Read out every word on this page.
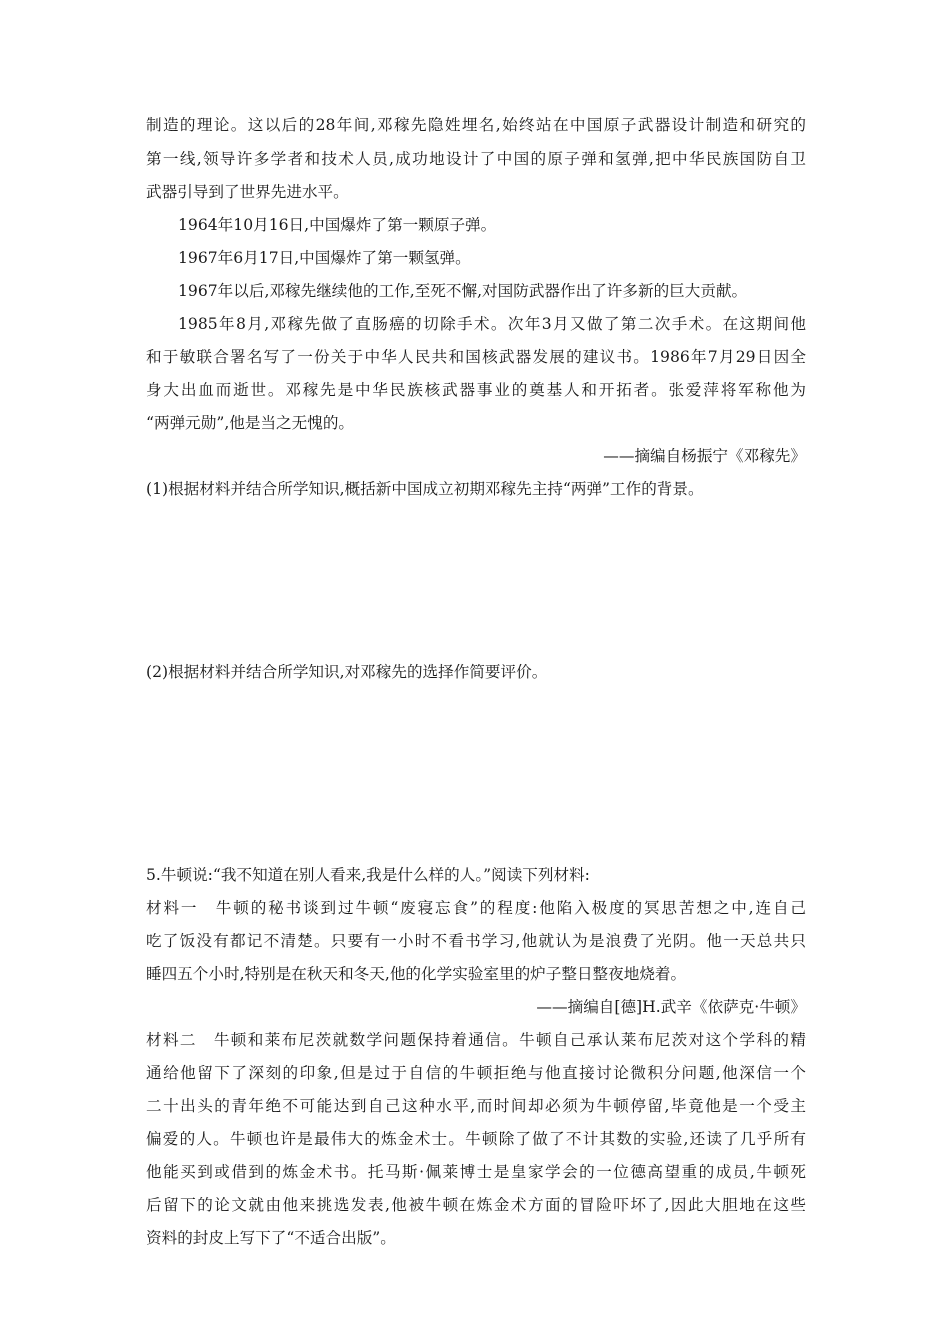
制造的理论。这以后的28年间,邓稼先隐姓埋名,始终站在中国原子武器设计制造和研究的
第一线,领导许多学者和技术人员,成功地设计了中国的原子弹和氢弹,把中华民族国防自卫
武器引导到了世界先进水平。
1964年10月16日,中国爆炸了第一颗原子弹。
1967年6月17日,中国爆炸了第一颗氢弹。
1967年以后,邓稼先继续他的工作,至死不懈,对国防武器作出了许多新的巨大贡献。
1985年8月,邓稼先做了直肠癌的切除手术。次年3月又做了第二次手术。在这期间他
和于敏联合署名写了一份关于中华人民共和国核武器发展的建议书。1986年7月29日因全
身大出血而逝世。邓稼先是中华民族核武器事业的奠基人和开拓者。张爱萍将军称他为
“两弹元勋”,他是当之无愧的。
——摘编自杨振宁《邓稼先》
(1)根据材料并结合所学知识,概括新中国成立初期邓稼先主持“两弹”工作的背景。
(2)根据材料并结合所学知识,对邓稼先的选择作简要评价。
5.牛顿说:“我不知道在别人看来,我是什么样的人。”阅读下列材料:
材料一　牛顿的秘书谈到过牛顿“废寝忘食”的程度:他陷入极度的冥思苦想之中,连自己
吃了饭没有都记不清楚。只要有一小时不看书学习,他就认为是浪费了光阴。他一天总共只
睡四五个小时,特别是在秋天和冬天,他的化学实验室里的炉子整日整夜地烧着。
——摘编自[德]H.武辛《依萨克·牛顿》
材料二　牛顿和莱布尼茨就数学问题保持着通信。牛顿自己承认莱布尼茨对这个学科的精
通给他留下了深刻的印象,但是过于自信的牛顿拒绝与他直接讨论微积分问题,他深信一个
二十出头的青年绝不可能达到自己这种水平,而时间却必须为牛顿停留,毕竟他是一个受主
偏爱的人。牛顿也许是最伟大的炼金术士。牛顿除了做了不计其数的实验,还读了几乎所有
他能买到或借到的炼金术书。托马斯·佩莱博士是皇家学会的一位德高望重的成员,牛顿死
后留下的论文就由他来挑选发表,他被牛顿在炼金术方面的冒险吓坏了,因此大胆地在这些
资料的封皮上写下了“不适合出版”。
